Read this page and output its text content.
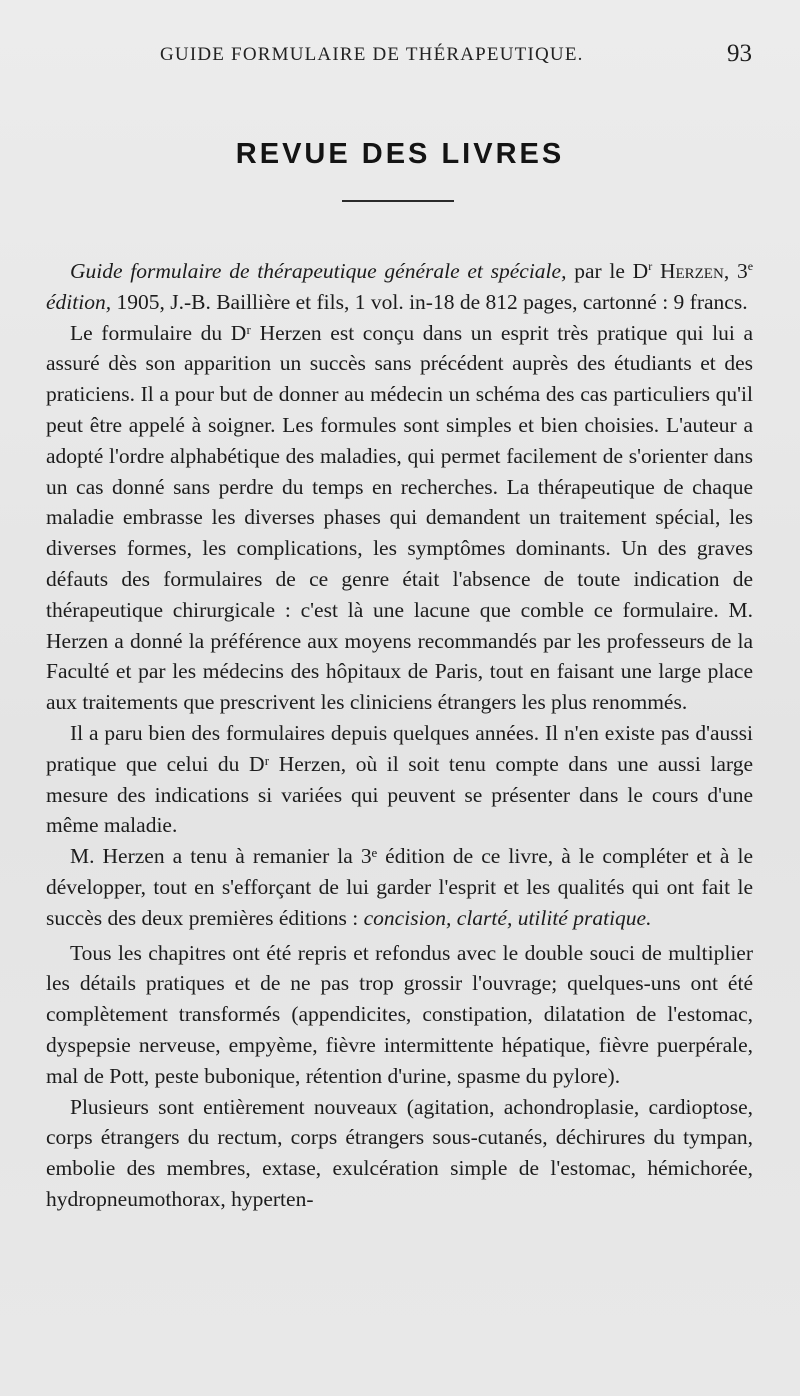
GUIDE FORMULAIRE DE THÉRAPEUTIQUE.	93
REVUE DES LIVRES

Guide formulaire de thérapeutique générale et spéciale, par le $D^r$ Herzen, 3e édition, 1905, J.-B. Baillière et fils, 1 vol. in-18 de 812 pages, cartonné : 9 francs.

Le formulaire du Dʳ Herzen est conçu dans un esprit très pratique qui lui a assuré dès son apparition un succès sans précédent auprès des étudiants et des praticiens. Il a pour but de donner au médecin un schéma des cas particuliers qu'il peut être appelé à soigner. Les formules sont simples et bien choisies. L'auteur a adopté l'ordre alphabétique des maladies, qui permet facilement de s'orienter dans un cas donné sans perdre du temps en recherches. La thérapeutique de chaque maladie embrasse les diverses phases qui demandent un traitement spécial, les diverses formes, les complications, les symptômes dominants. Un des graves défauts des formulaires de ce genre était l'absence de toute indication de thérapeutique chirurgicale : c'est là une lacune que comble ce formulaire. M. Herzen a donné la préférence aux moyens recommandés par les professeurs de la Faculté et par les médecins des hôpitaux de Paris, tout en faisant une large place aux traitements que prescrivent les cliniciens étrangers les plus renommés.

Il a paru bien des formulaires depuis quelques années. Il n'en existe pas d'aussi pratique que celui du Dʳ Herzen, où il soit tenu compte dans une aussi large mesure des indications si variées qui peuvent se présenter dans le cours d'une même maladie.

M. Herzen a tenu à remanier la 3ᵉ édition de ce livre, à le compléter et à le développer, tout en s'efforçant de lui garder l'esprit et les qualités qui ont fait le succès des deux premières éditions : concision, clarté, utilité pratique.

Tous les chapitres ont été repris et refondus avec le double souci de multiplier les détails pratiques et de ne pas trop grossir l'ouvrage; quelques-uns ont été complètement transformés (appendicites, constipation, dilatation de l'estomac, dyspepsie nerveuse, empyème, fièvre intermittente hépatique, fièvre puerpérale, mal de Pott, peste bubonique, rétention d'urine, spasme du pylore).

Plusieurs sont entièrement nouveaux (agitation, achondroplasie, cardioptose, corps étrangers du rectum, corps étrangers sous-cutanés, déchirures du tympan, embolie des membres, extase, exulcération simple de l'estomac, hémichorée, hydropneumothorax, hyperten-
